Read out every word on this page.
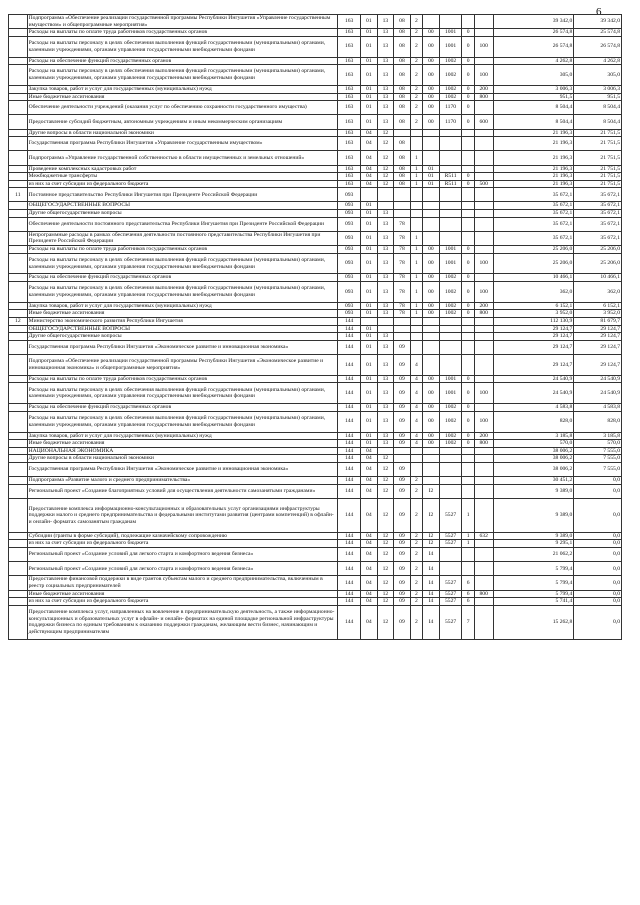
6
	Подпрограмма «Обеспечение реализации государственной программы Республики Ингушетия «Управление государственным имуществом» и общепрограммные мероприятия»	163	01	13	08	2					39 342,0	39 342,0
	Расходы на выплаты по оплате труда работников государственных органов	163	01	13	08	2	00	1001	0		26 574,8	25 574,8
	Расходы на выплаты персоналу в целях обеспечения выполнения функций государственными (муниципальными) органами, казенными учреждениями, органами управления государственными внебюджетными фондами	163	01	13	08	2	00	1001	0	100	26 574,8	26 574,8
	Расходы на обеспечение функций государственных органов	163	01	13	08	2	00	1002	0		4 262,8	4 262,8
	Расходы на выплаты персоналу в целях обеспечения выполнения функций государственными (муниципальными) органами, казенными учреждениями, органами управления государственными внебюджетными фондами	163	01	13	08	2	00	1002	0	100	305,0	305,0
	Закупка товаров, работ и услуг для государственных (муниципальных) нужд	163	01	13	08	2	00	1002	0	200	3 006,3	3 006,3
	Иные бюджетные ассигнования	163	01	13	08	2	00	1002	0	800	951,5	951,5
	Обеспечение деятельности учреждений (оказания услуг по обеспечению сохранности государственного имущества)	163	01	13	08	2	00	1170	0		8 504,4	8 504,4
	Предоставление субсидий бюджетным, автономным учреждениям и иным некоммерческим организациям	163	01	13	08	2	00	1170	0	600	8 504,4	8 504,4
	Другие вопросы в области национальной экономики	163	04	12							21 196,3	21 751,5
	Государственная программа Республики Ингушетия «Управление государственным имуществом»	163	04	12	08						21 196,3	21 751,5
	Подпрограмма «Управление государственной собственностью в области имущественных и земельных отношений»	163	04	12	08	1					21 196,3	21 751,5
	Проведение комплексных кадастровых работ	163	04	12	08	1	01				21 196,3	21 751,5
	Межбюджетные трансферты	163	04	12	08	1	01	R511	0		21 196,3	21 751,5
	из них за счет субсидии из федерального бюджета	163	04	12	08	1	01	R511	0	500	21 196,3	21 751,5
11	Постоянное представительство Республики Ингушетия при Президенте Российской Федерации	093									35 672,1	35 672,1
	ОБЩЕГОСУДАРСТВЕННЫЕ ВОПРОСЫ	093	01								35 672,1	35 672,1
	Другие общегосударственные вопросы	093	01	13							35 672,1	35 672,1
	Обеспечение деятельности постоянного представительства Республики Ингушетия при Президенте Российской Федерации	093	01	13	78						35 672,1	35 672,1
	Непрограммные расходы в рамках обеспечения деятельности постоянного представительства Республики Ингушетия при Президенте Российской Федерации	093	01	13	78	1					35 672,1	35 672,1
	Расходы на выплаты по оплате труда работников государственных органов	093	01	13	78	1	00	1001	0		25 206,0	25 206,0
	Расходы на выплаты персоналу в целях обеспечения выполнения функций государственными (муниципальными) органами, казенными учреждениями, органами управления государственными внебюджетными фондами	093	01	13	78	1	00	1001	0	100	25 206,0	25 206,0
	Расходы на обеспечение функций государственных органов	093	01	13	78	1	00	1002	0		10 466,1	10 466,1
	Расходы на выплаты персоналу в целях обеспечения выполнения функций государственными (муниципальными) органами, казенными учреждениями, органами управления государственными внебюджетными фондами	093	01	13	78	1	00	1002	0	100	362,0	362,0
	Закупка товаров, работ и услуг для государственных (муниципальных) нужд	093	01	13	78	1	00	1002	0	200	6 152,1	6 152,1
	Иные бюджетные ассигнования	093	01	13	78	1	00	1002	0	800	3 952,0	3 952,0
12	Министерство экономического развития Республики Ингушетия	144									112 130,9	81 679,7
	ОБЩЕГОСУДАРСТВЕННЫЕ ВОПРОСЫ	144	01								29 124,7	29 124,7
	Другие общегосударственные вопросы	144	01	13							29 124,7	29 124,7
	Государственная программа Республики Ингушетия «Экономическое развитие и инновационная экономика»	144	01	13	09						29 124,7	29 124,7
	Подпрограмма «Обеспечение реализации государственной программы Республики Ингушетия «Экономическое развитие и инновационная экономика» и общепрограммные мероприятия»	144	01	13	09	4					29 124,7	29 124,7
	Расходы на выплаты по оплате труда работников государственных органов	144	01	13	09	4	00	1001	0		24 540,9	24 540,9
	Расходы на выплаты персоналу в целях обеспечения выполнения функций государственными (муниципальными) органами, казенными учреждениями, органами управления государственными внебюджетными фондами	144	01	13	09	4	00	1001	0	100	24 540,9	24 540,9
	Расходы на обеспечение функций государственных органов	144	01	13	09	4	00	1002	0		4 583,8	4 583,8
	Расходы на выплаты персоналу в целях обеспечения выполнения функций государственными (муниципальными) органами, казенными учреждениями, органами управления государственными внебюджетными фондами	144	01	13	09	4	00	1002	0	100	828,0	828,0
	Закупка товаров, работ и услуг для государственных (муниципальных) нужд	144	01	13	09	4	00	1002	0	200	3 185,8	3 185,8
	Иные бюджетные ассигнования	144	01	13	09	4	00	1002	0	800	570,0	570,0
	НАЦИОНАЛЬНАЯ ЭКОНОМИКА	144	04								38 006,2	7 555,0
	Другие вопросы в области национальной экономики	144	04	12							38 006,2	7 555,0
	Государственная программа Республики Ингушетия «Экономическое развитие и инновационная экономика»	144	04	12	09						38 006,2	7 555,0
	Подпрограмма «Развитие малого и среднего предпринимательства»	144	04	12	09	2					30 451,2	0,0
	Региональный проект «Создание благоприятных условий для осуществления деятельности самозанятыми гражданами»	144	04	12	09	2	I2				9 389,0	0,0
	Предоставление комплекса информационно-консультационных и образовательных услуг организациями инфраструктуры поддержки малого и среднего предпринимательства и федеральными институтами развития (центрами компетенций) в офлайн- и онлайн- форматах самозанятым гражданам	144	04	12	09	2	I2	5527	1		9 389,0	0,0
	Субсидии (гранты в форме субсидий), подлежащие казначейскому сопровождению	144	04	12	09	2	I2	5527	1	632	9 389,0	0,0
	из них за счет субсидии из федерального бюджета	144	04	12	09	2	I2	5527	1		9 295,1	0,0
	Региональный проект «Создание условий для легкого старта и комфортного ведения бизнеса»	144	04	12	09	2	I4				21 062,2	0,0
	Региональный проект «Создание условий для легкого старта и комфортного ведения бизнеса»	144	04	12	09	2	I4				5 799,4	0,0
	Предоставление финансовой поддержки в виде грантов субъектам малого и среднего предпринимательства, включенным в реестр социальных предпринимателей	144	04	12	09	2	I4	5527	6		5 799,4	0,0
	Иные бюджетные ассигнования	144	04	12	09	2	I4	5527	6	800	5 799,4	0,0
	из них за счет субсидии из федерального бюджета	144	04	12	09	2	I4	5527	6		5 741,4	0,0
	Предоставление комплекса услуг, направленных на вовлечение в предпринимательскую деятельность, а также информационно-консультационных и образовательных услуг в офлайн- и онлайн- форматах на единой площадке региональной инфраструктуры поддержки бизнеса по единым требованиям к оказанию поддержки гражданам, желающим вести бизнес, начинающим и действующим предпринимателям	144	04	12	09	2	I4	5527	7		15 262,8	0,0
